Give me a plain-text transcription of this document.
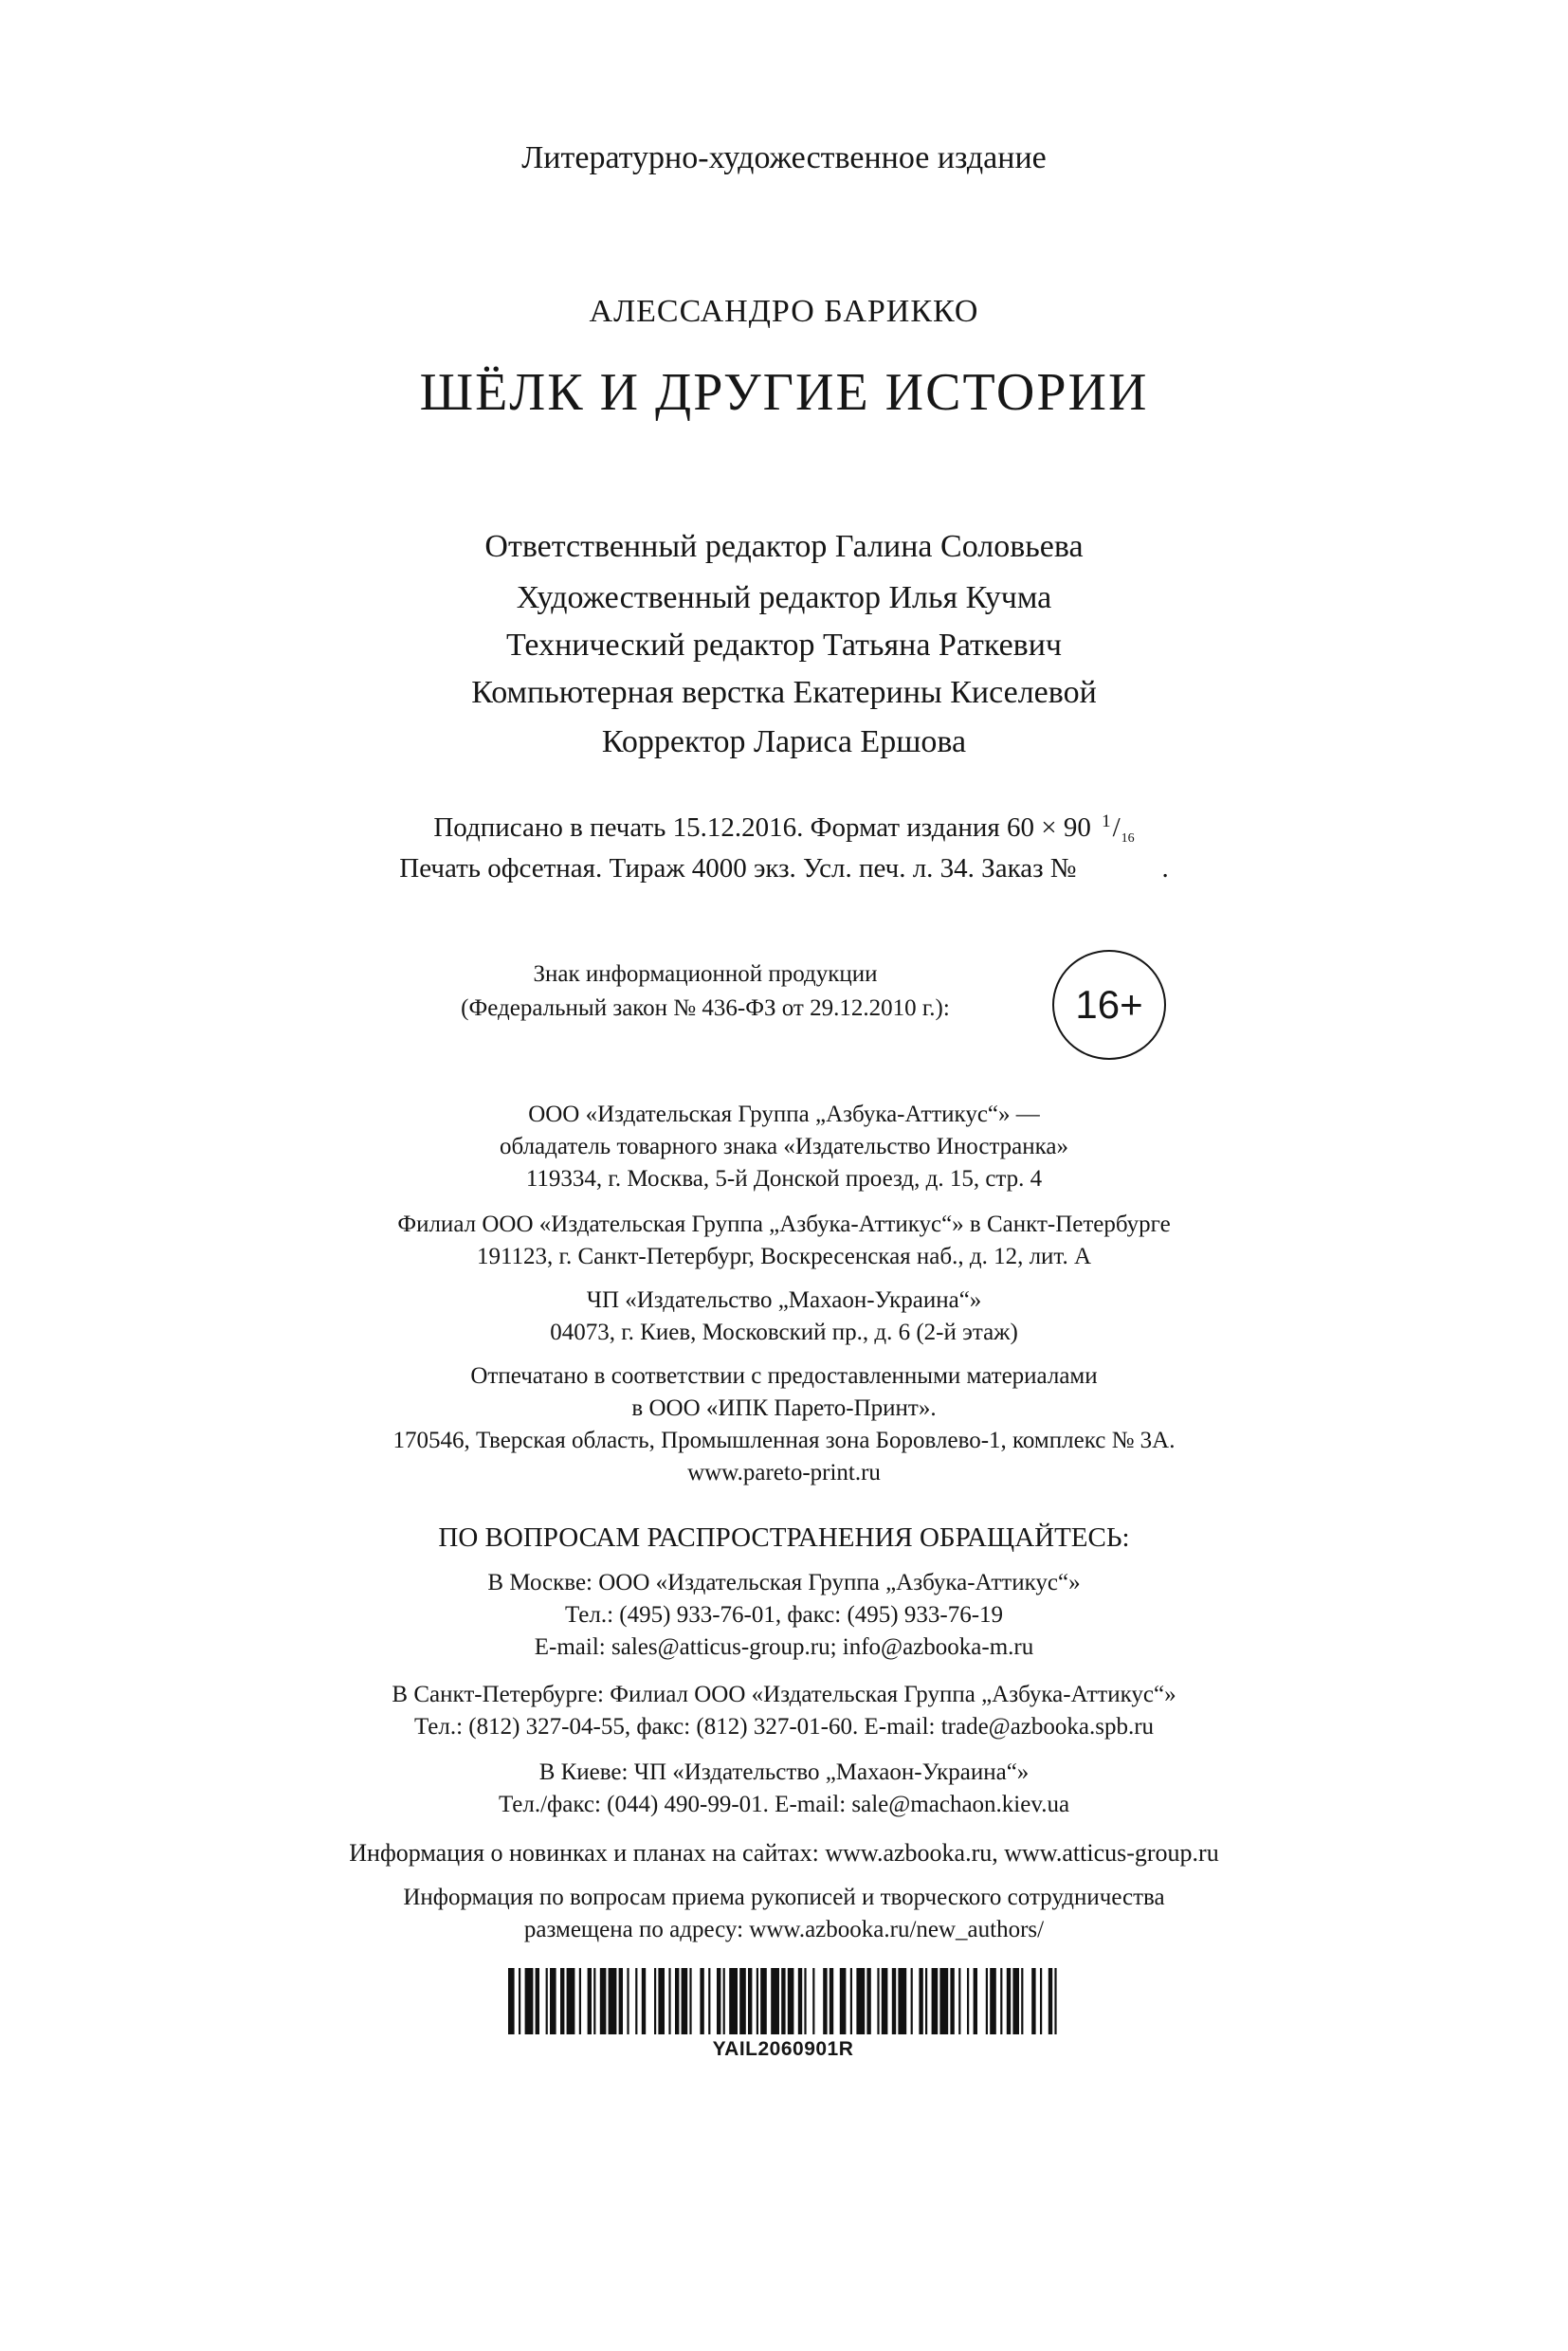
Литературно-художественное издание
АЛЕССАНДРО БАРИККО
ШЁЛК И ДРУГИЕ ИСТОРИИ
Ответственный редактор Галина Соловьева
Художественный редактор Илья Кучма
Технический редактор Татьяна Раткевич
Компьютерная верстка Екатерины Киселевой
Корректор Лариса Ершова
Подписано в печать 15.12.2016. Формат издания 60 × 90 $^1/_{16}$
Печать офсетная. Тираж 4000 экз. Усл. печ. л. 34. Заказ №	.
Знак информационной продукции
(Федеральный закон № 436-ФЗ от 29.12.2010 г.):	16+
ООО «Издательская Группа „Азбука-Аттикус“» —
обладатель товарного знака «Издательство Иностранка»
119334, г. Москва, 5-й Донской проезд, д. 15, стр. 4
Филиал ООО «Издательская Группа „Азбука-Аттикус“» в Санкт-Петербурге
191123, г. Санкт-Петербург, Воскресенская наб., д. 12, лит. А
ЧП «Издательство „Махаон-Украина“»
04073, г. Киев, Московский пр., д. 6 (2-й этаж)
Отпечатано в соответствии с предоставленными материалами
в ООО «ИПК Парето-Принт».
170546, Тверская область, Промышленная зона Боровлево-1, комплекс № 3А.
www.pareto-print.ru
ПО ВОПРОСАМ РАСПРОСТРАНЕНИЯ ОБРАЩАЙТЕСЬ:
В Москве: ООО «Издательская Группа „Азбука-Аттикус“»
Тел.: (495) 933-76-01, факс: (495) 933-76-19
E-mail: sales@atticus-group.ru; info@azbooka-m.ru
В Санкт-Петербурге: Филиал ООО «Издательская Группа „Азбука-Аттикус“»
Тел.: (812) 327-04-55, факс: (812) 327-01-60. E-mail: trade@azbooka.spb.ru
В Киеве: ЧП «Издательство „Махаон-Украина“»
Тел./факс: (044) 490-99-01. E-mail: sale@machaon.kiev.ua
Информация о новинках и планах на сайтах: www.azbooka.ru, www.atticus-group.ru
Информация по вопросам приема рукописей и творческого сотрудничества
размещена по адресу: www.azbooka.ru/new_authors/
YAIL2060901R
